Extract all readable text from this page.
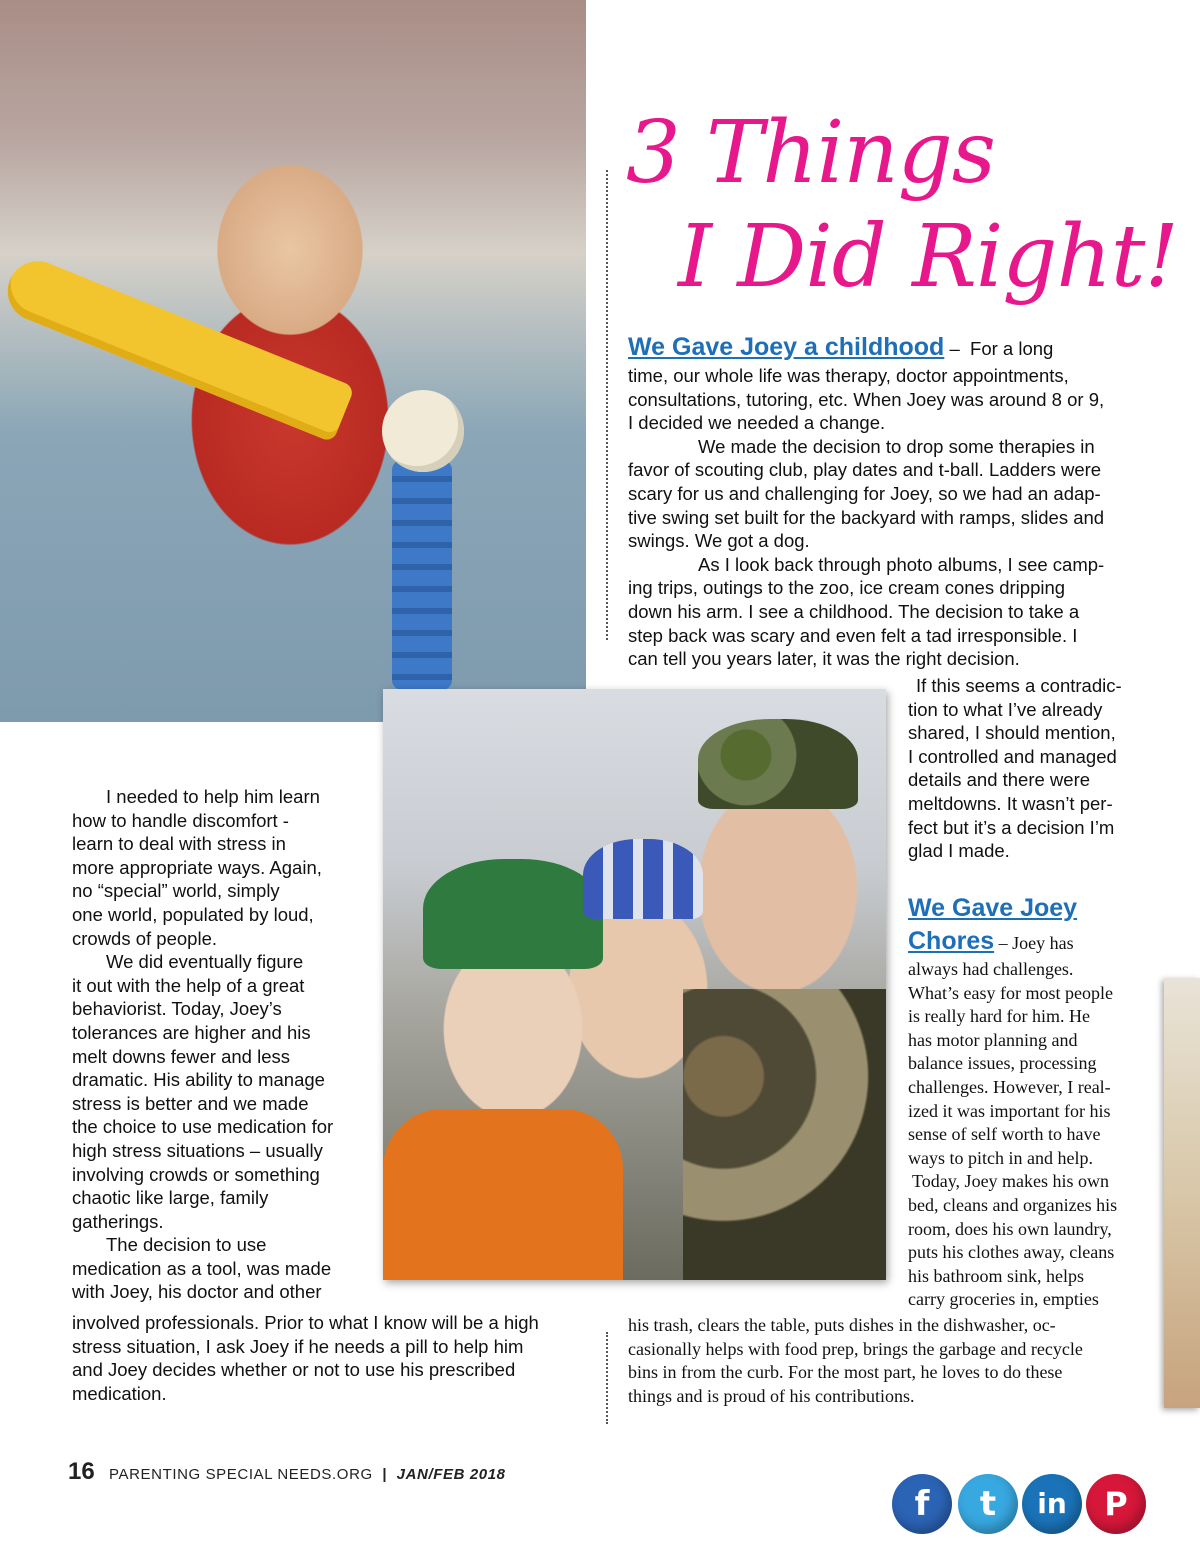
3 Things
I Did Right!

We Gave Joey a childhood – For a long

time, our whole life was therapy, doctor appointments,

consultations, tutoring, etc. When Joey was around 8 or 9,

I decided we needed a change.

We made the decision to drop some therapies in

favor of scouting club, play dates and t-ball. Ladders were

scary for us and challenging for Joey, so we had an adap-

tive swing set built for the backyard with ramps, slides and

swings. We got a dog.

As I look back through photo albums, I see camp-

ing trips, outings to the zoo, ice cream cones dripping

down his arm. I see a childhood. The decision to take a

step back was scary and even felt a tad irresponsible. I

can tell you years later, it was the right decision.

If this seems a contradic-

tion to what I’ve already

shared, I should mention,

I controlled and managed

details and there were

meltdowns. It wasn’t per-

fect but it’s a decision I’m

glad I made.

We Gave Joey

Chores – Joey has

always had challenges.

What’s easy for most people

is really hard for him. He

has motor planning and

balance issues, processing

challenges. However, I real-

ized it was important for his

sense of self worth to have

ways to pitch in and help.

Today, Joey makes his own

bed, cleans and organizes his

room, does his own laundry,

puts his clothes away, cleans

his bathroom sink, helps

carry groceries in, empties

his trash, clears the table, puts dishes in the dishwasher, oc-

casionally helps with food prep, brings the garbage and recycle

bins in from the curb. For the most part, he loves to do these

things and is proud of his contributions.

I needed to help him learn

how to handle discomfort -

learn to deal with stress in

more appropriate ways. Again,

no “special” world, simply

one world, populated by loud,

crowds of people.

We did eventually figure

it out with the help of a great

behaviorist. Today, Joey’s

tolerances are higher and his

melt downs fewer and less

dramatic. His ability to manage

stress is better and we made

the choice to use medication for

high stress situations – usually

involving crowds or something

chaotic like large, family

gatherings.

The decision to use

medication as a tool, was made

with Joey, his doctor and other

involved professionals. Prior to what I know will be a high

stress situation, I ask Joey if he needs a pill to help him

and Joey decides whether or not to use his prescribed

medication.

16 PARENTING SPECIAL NEEDS.ORG | JAN/FEB 2018
f	t	in	P
